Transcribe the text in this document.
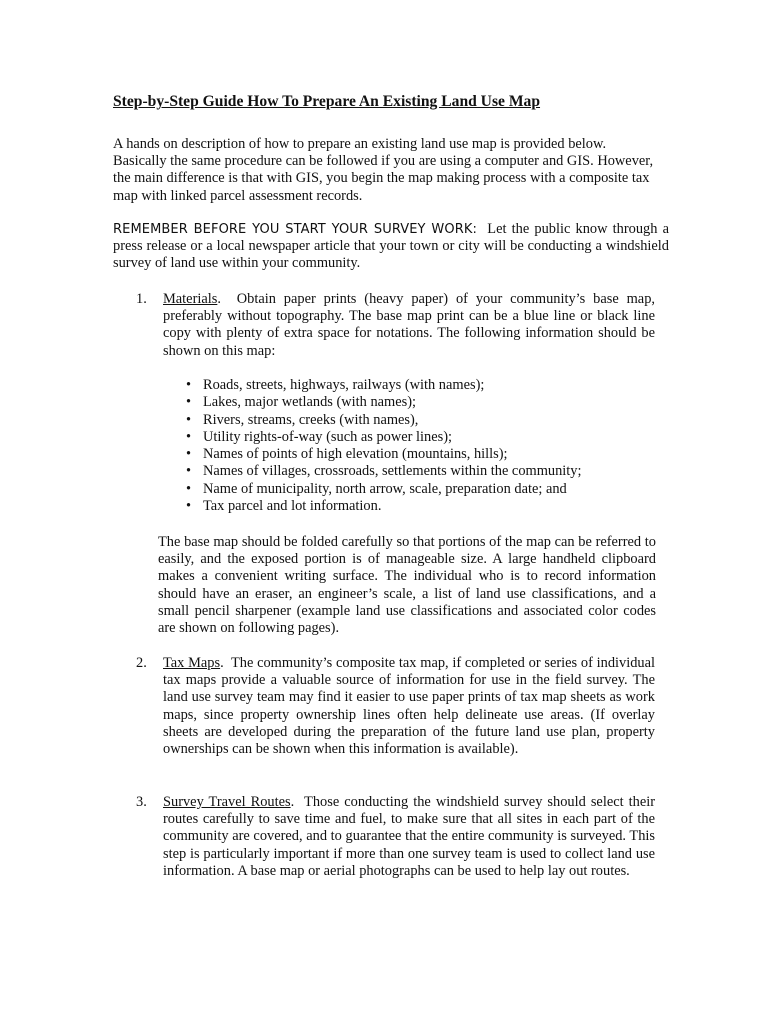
Step-by-Step Guide How To Prepare An Existing Land Use Map

A hands on description of how to prepare an existing land use map is provided below. Basically the same procedure can be followed if you are using a computer and GIS. However, the main difference is that with GIS, you begin the map making process with a composite tax map with linked parcel assessment records.

REMEMBER BEFORE YOU START YOUR SURVEY WORK: Let the public know through a press release or a local newspaper article that your town or city will be conducting a windshield survey of land use within your community.

1. Materials.  Obtain paper prints (heavy paper) of your community’s base map, preferably without topography. The base map print can be a blue line or black line copy with plenty of extra space for notations. The following information should be shown on this map:
• Roads, streets, highways, railways (with names);
• Lakes, major wetlands (with names);
• Rivers, streams, creeks (with names),
• Utility rights-of-way (such as power lines);
• Names of points of high elevation (mountains, hills);
• Names of villages, crossroads, settlements within the community;
• Name of municipality, north arrow, scale, preparation date; and
• Tax parcel and lot information.

The base map should be folded carefully so that portions of the map can be referred to easily, and the exposed portion is of manageable size. A large handheld clipboard makes a convenient writing surface. The individual who is to record information should have an eraser, an engineer’s scale, a list of land use classifications, and a small pencil sharpener (example land use classifications and associated color codes are shown on following pages).

2. Tax Maps.  The community’s composite tax map, if completed or series of individual tax maps provide a valuable source of information for use in the field survey. The land use survey team may find it easier to use paper prints of tax map sheets as work maps, since property ownership lines often help delineate use areas. (If overlay sheets are developed during the preparation of the future land use plan, property ownerships can be shown when this information is available).
3. Survey Travel Routes.  Those conducting the windshield survey should select their routes carefully to save time and fuel, to make sure that all sites in each part of the community are covered, and to guarantee that the entire community is surveyed. This step is particularly important if more than one survey team is used to collect land use information. A base map or aerial photographs can be used to help lay out routes.
